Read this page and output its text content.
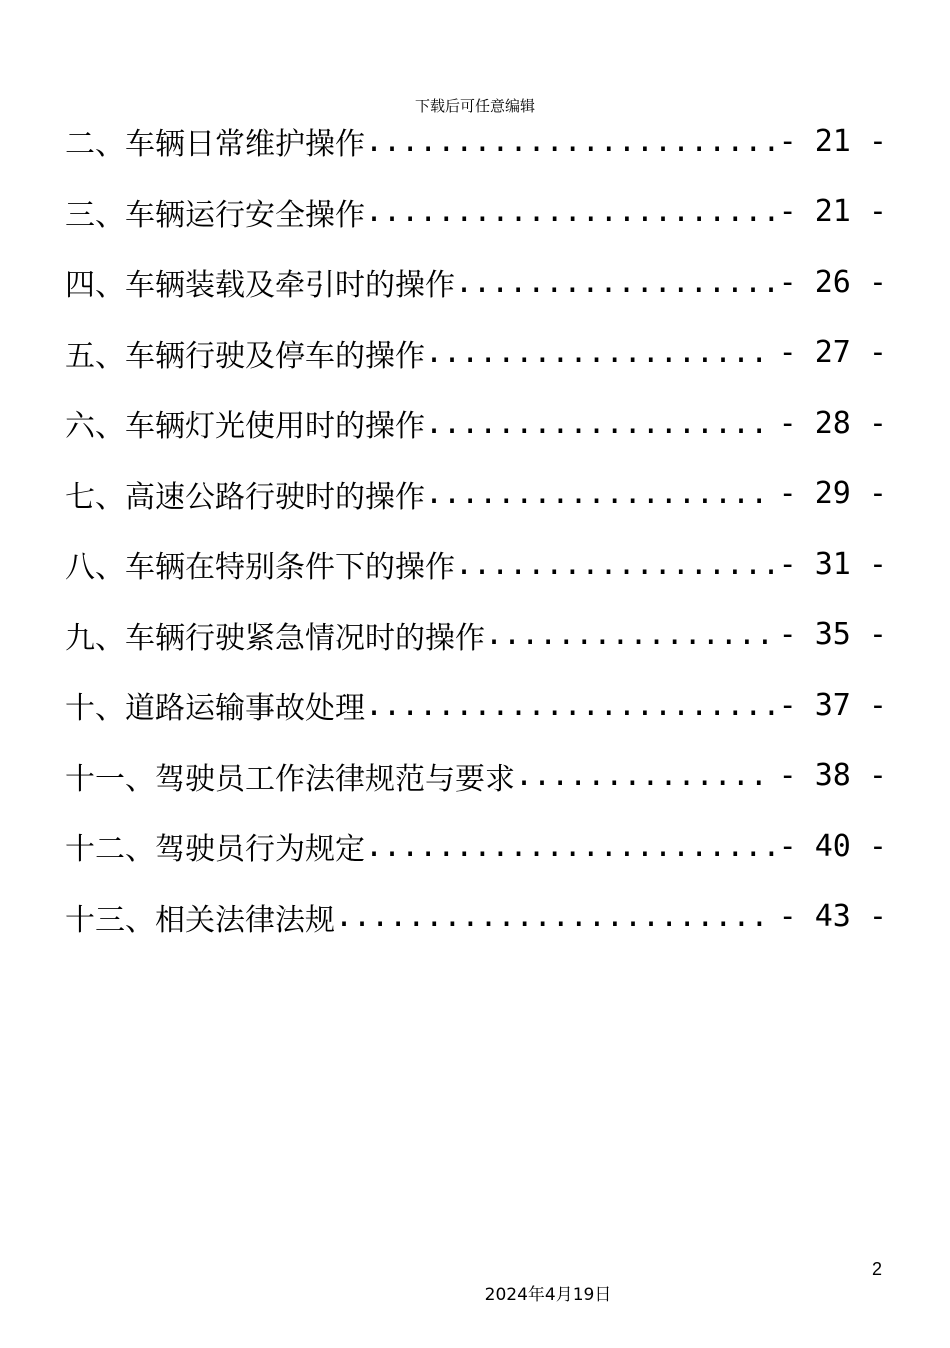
下载后可任意编辑
二、车辆日常维护操作 .....	- 21 -
三、车辆运行安全操作 .....	- 21 -
四、车辆装载及牵引时的操作 .....	- 26 -
五、车辆行驶及停车的操作 .....	- 27 -
六、车辆灯光使用时的操作 .....	- 28 -
七、高速公路行驶时的操作 .....	- 29 -
八、车辆在特别条件下的操作 .....	- 31 -
九、车辆行驶紧急情况时的操作 .....	- 35 -
十、道路运输事故处理 .....	- 37 -
十一、驾驶员工作法律规范与要求 .....	- 38 -
十二、驾驶员行为规定 .....	- 40 -
十三、相关法律法规 .....	- 43 -
2
2024年4月19日
